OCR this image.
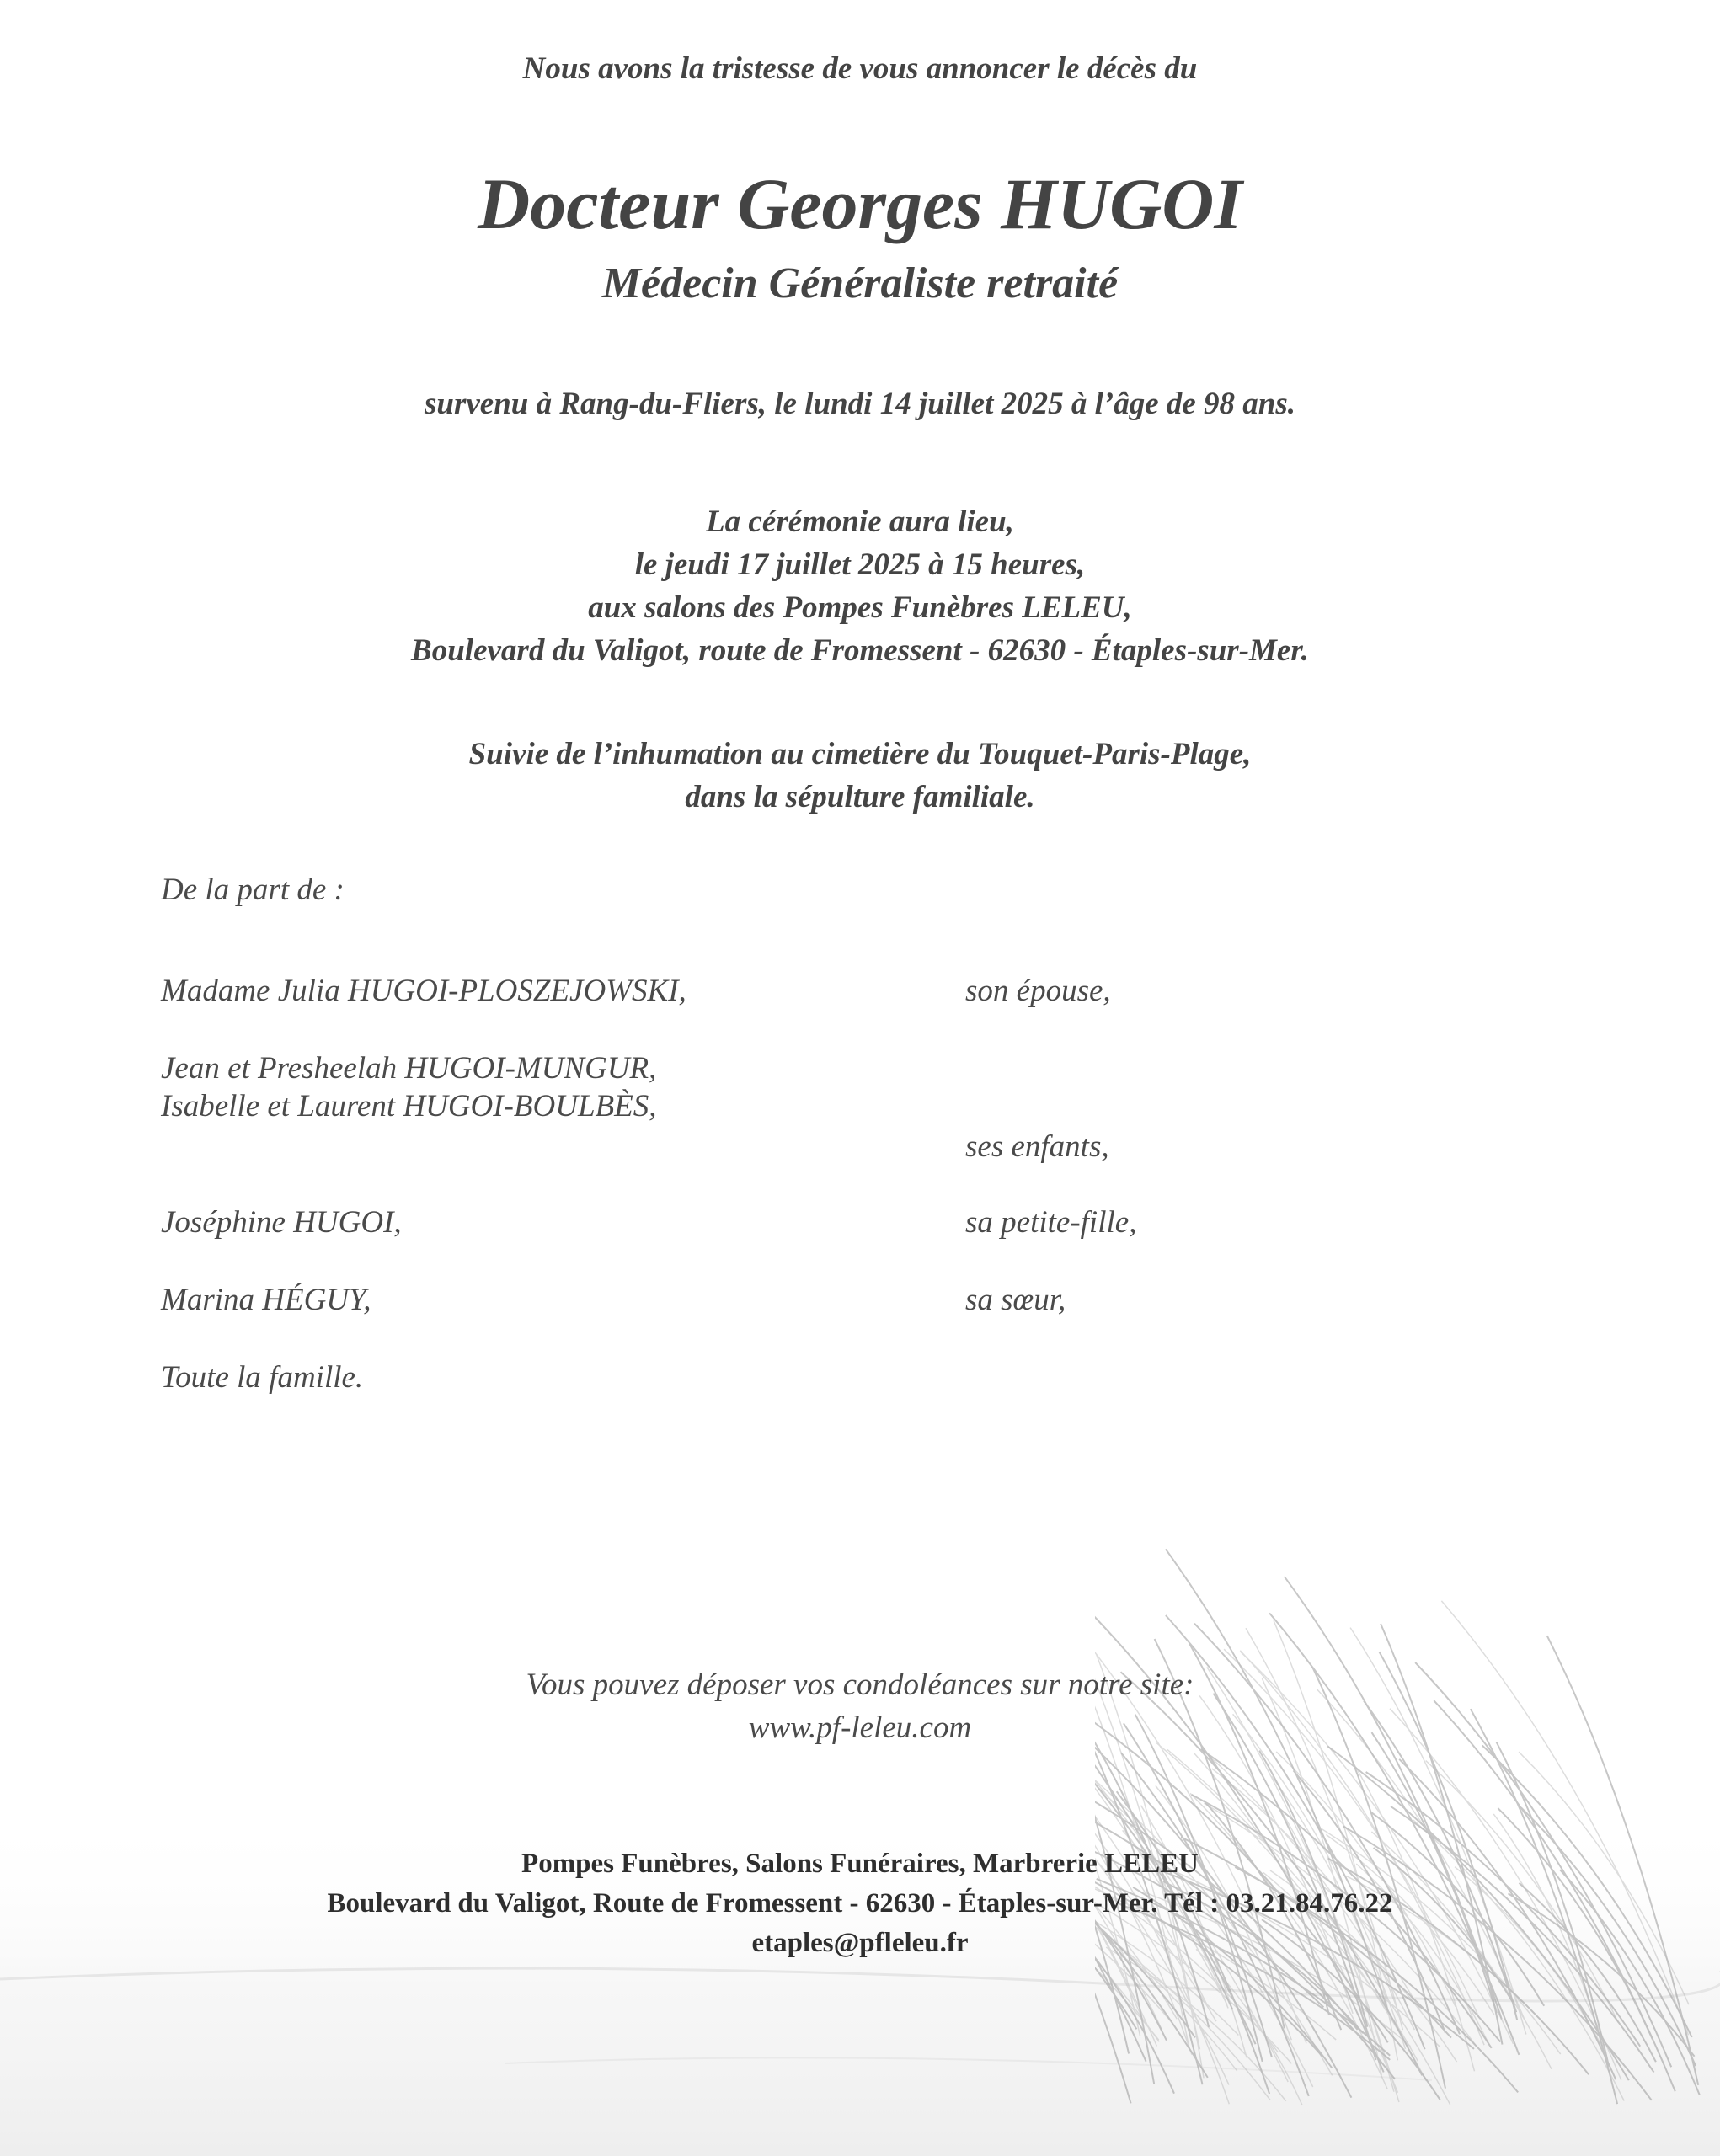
Nous avons la tristesse de vous annoncer le décès du
Docteur Georges HUGOI
Médecin Généraliste retraité
survenu à Rang-du-Fliers, le lundi 14 juillet 2025 à l’âge de 98 ans.
La cérémonie aura lieu,
le jeudi 17 juillet 2025 à 15 heures,
aux salons des Pompes Funèbres LELEU,
Boulevard du Valigot, route de Fromessent - 62630 - Étaples-sur-Mer.
Suivie de l’inhumation au cimetière du Touquet-Paris-Plage,
dans la sépulture familiale.
De la part de :
Madame Julia HUGOI-PLOSZEJOWSKI,	son épouse,
Jean et Presheelah HUGOI-MUNGUR,
Isabelle et Laurent HUGOI-BOULBÈS,
ses enfants,
Joséphine HUGOI,	sa petite-fille,
Marina HÉGUY,	sa sœur,
Toute la famille.
Vous pouvez déposer vos condoléances sur notre site:
www.pf-leleu.com
Pompes Funèbres, Salons Funéraires, Marbrerie LELEU
Boulevard du Valigot, Route de Fromessent - 62630 - Étaples-sur-Mer. Tél : 03.21.84.76.22
etaples@pfleleu.fr
